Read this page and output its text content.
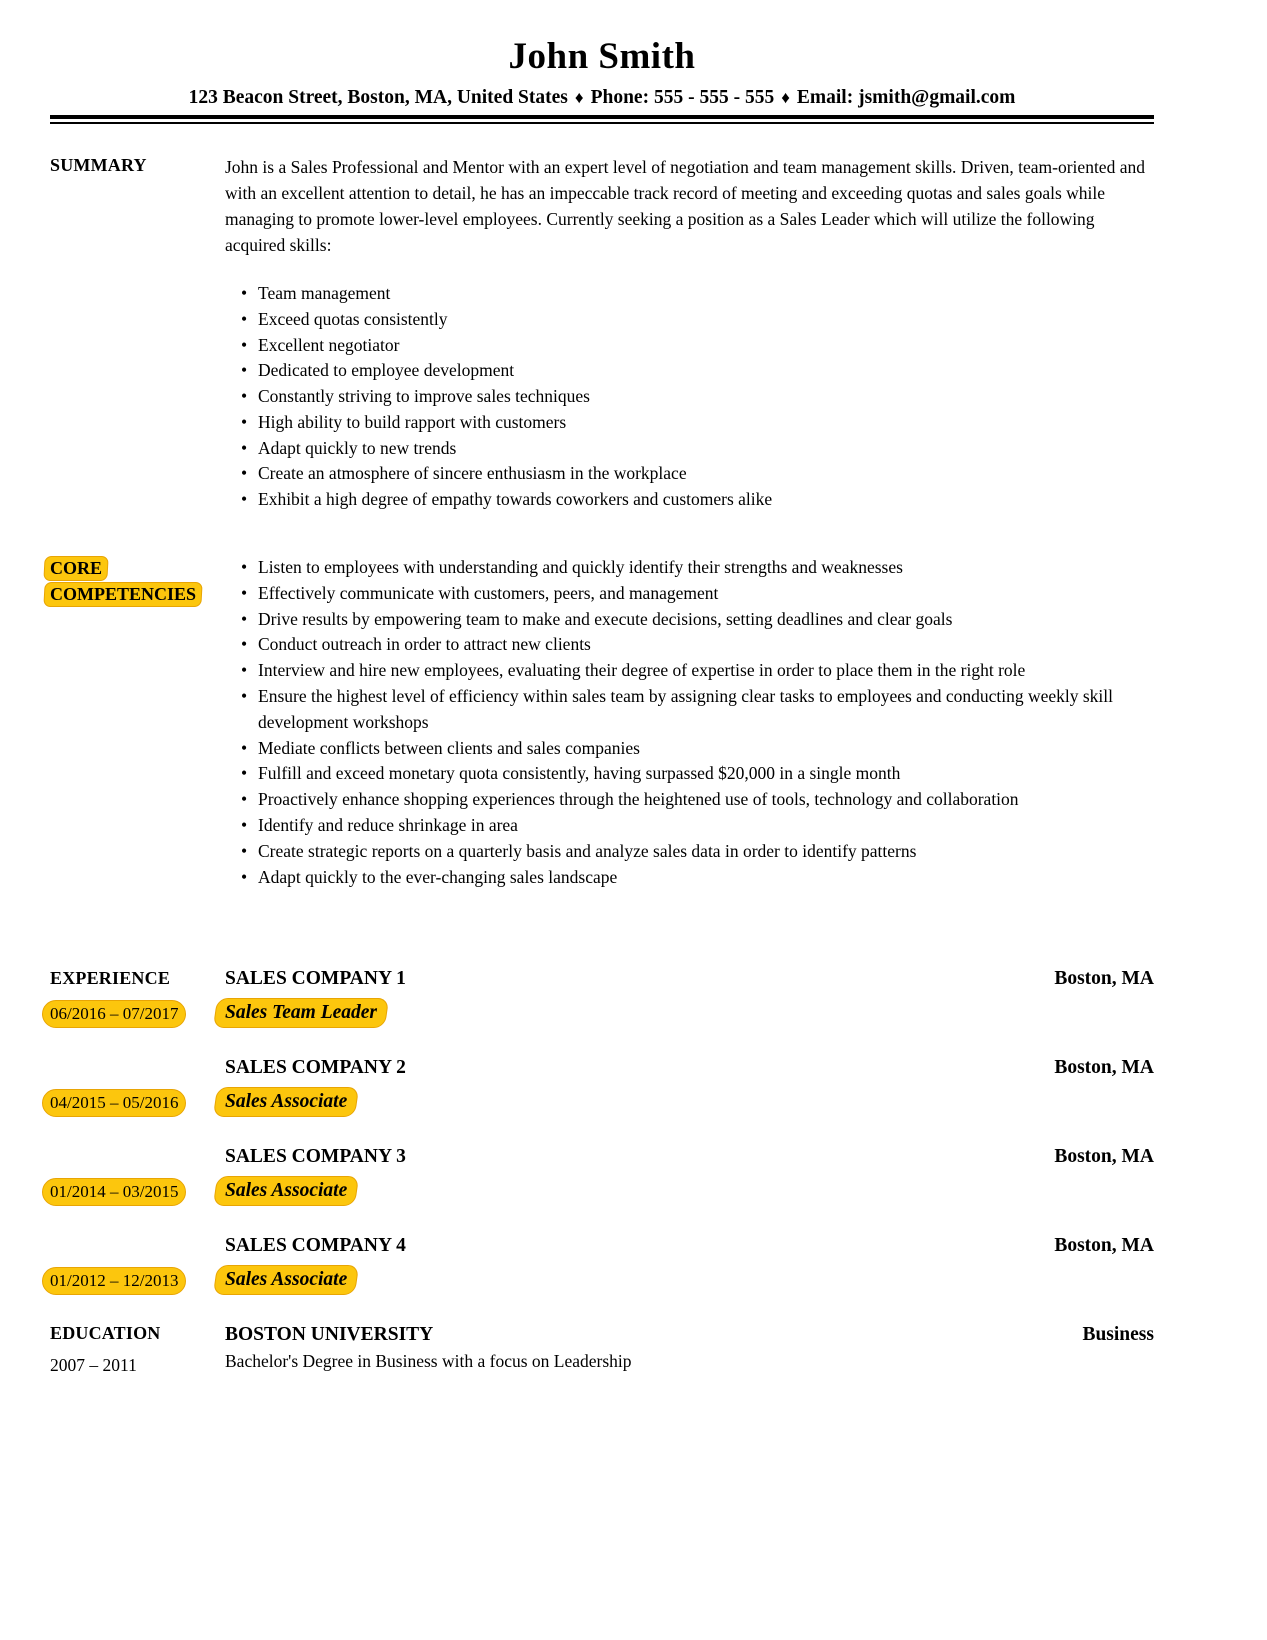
John Smith
123 Beacon Street, Boston, MA, United States ♦ Phone: 555 - 555 - 555 ♦ Email: jsmith@gmail.com
SUMMARY	John is a Sales Professional and Mentor with an expert level of negotiation and team management skills. Driven, team-oriented and with an excellent attention to detail, he has an impeccable track record of meeting and exceeding quotas and sales goals while managing to promote lower-level employees. Currently seeking a position as a Sales Leader which will utilize the following acquired skills:

• Team management
• Exceed quotas consistently
• Excellent negotiator
• Dedicated to employee development
• Constantly striving to improve sales techniques
• High ability to build rapport with customers
• Adapt quickly to new trends
• Create an atmosphere of sincere enthusiasm in the workplace
• Exhibit a high degree of empathy towards coworkers and customers alike
CORE
COMPETENCIES
• Listen to employees with understanding and quickly identify their strengths and weaknesses
• Effectively communicate with customers, peers, and management
• Drive results by empowering team to make and execute decisions, setting deadlines and clear goals
• Conduct outreach in order to attract new clients
• Interview and hire new employees, evaluating their degree of expertise in order to place them in the right role
• Ensure the highest level of efficiency within sales team by assigning clear tasks to employees and conducting weekly skill development workshops
• Mediate conflicts between clients and sales companies
• Fulfill and exceed monetary quota consistently, having surpassed $20,000 in a single month
• Proactively enhance shopping experiences through the heightened use of tools, technology and collaboration
• Identify and reduce shrinkage in area
• Create strategic reports on a quarterly basis and analyze sales data in order to identify patterns
• Adapt quickly to the ever-changing sales landscape
EXPERIENCE
06/2016 – 07/2017
SALES COMPANY 1	Boston, MA
Sales Team Leader
04/2015 – 05/2016
SALES COMPANY 2	Boston, MA
Sales Associate
01/2014 – 03/2015
SALES COMPANY 3	Boston, MA
Sales Associate
01/2012 – 12/2013
SALES COMPANY 4	Boston, MA
Sales Associate
EDUCATION
2007 – 2011
BOSTON UNIVERSITY	Business
Bachelor's Degree in Business with a focus on Leadership
